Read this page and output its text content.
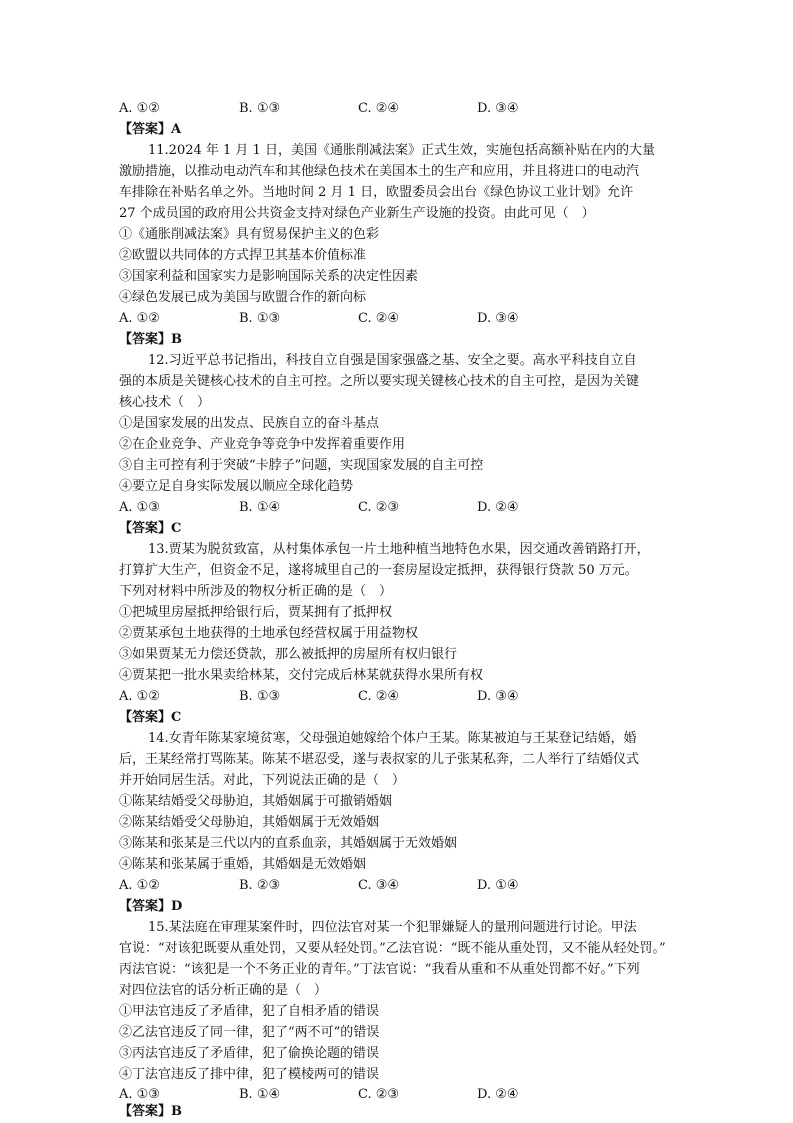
A. ①②	B. ①③	C. ②④	D. ③④
【答案】A
11.2024 年 1 月 1 日，美国《通胀削减法案》正式生效，实施包括高额补贴在内的大量
激励措施，以推动电动汽车和其他绿色技术在美国本土的生产和应用，并且将进口的电动汽
车排除在补贴名单之外。当地时间 2 月 1 日，欧盟委员会出台《绿色协议工业计划》允许
27 个成员国的政府用公共资金支持对绿色产业新生产设施的投资。由此可见（　）
①《通胀削减法案》具有贸易保护主义的色彩
②欧盟以共同体的方式捍卫其基本价值标准
③国家利益和国家实力是影响国际关系的决定性因素
④绿色发展已成为美国与欧盟合作的新向标
A. ①②	B. ①③	C. ②④	D. ③④
【答案】B
12.习近平总书记指出，科技自立自强是国家强盛之基、安全之要。高水平科技自立自
强的本质是关键核心技术的自主可控。之所以要实现关键核心技术的自主可控，是因为关键
核心技术（　）
①是国家发展的出发点、民族自立的奋斗基点
②在企业竞争、产业竞争等竞争中发挥着重要作用
③自主可控有利于突破“卡脖子”问题，实现国家发展的自主可控
④要立足自身实际发展以顺应全球化趋势
A. ①③	B. ①④	C. ②③	D. ②④
【答案】C
13.贾某为脱贫致富，从村集体承包一片土地种植当地特色水果，因交通改善销路打开，
打算扩大生产，但资金不足，遂将城里自己的一套房屋设定抵押，获得银行贷款 50 万元。
下列对材料中所涉及的物权分析正确的是（　）
①把城里房屋抵押给银行后，贾某拥有了抵押权
②贾某承包土地获得的土地承包经营权属于用益物权
③如果贾某无力偿还贷款，那么被抵押的房屋所有权归银行
④贾某把一批水果卖给林某，交付完成后林某就获得水果所有权
A. ①②	B. ①③	C. ②④	D. ③④
【答案】C
14.女青年陈某家境贫寒，父母强迫她嫁给个体户王某。陈某被迫与王某登记结婚，婚
后，王某经常打骂陈某。陈某不堪忍受，遂与表叔家的儿子张某私奔，二人举行了结婚仪式
并开始同居生活。对此，下列说法正确的是（　）
①陈某结婚受父母胁迫，其婚姻属于可撤销婚姻
②陈某结婚受父母胁迫，其婚姻属于无效婚姻
③陈某和张某是三代以内的直系血亲，其婚姻属于无效婚姻
④陈某和张某属于重婚，其婚姻是无效婚姻
A. ①②	B. ②③	C. ③④	D. ①④
【答案】D
15.某法庭在审理某案件时，四位法官对某一个犯罪嫌疑人的量刑问题进行讨论。甲法
官说：“对该犯既要从重处罚，又要从轻处罚。”乙法官说：“既不能从重处罚，又不能从轻处罚。”
丙法官说：“该犯是一个不务正业的青年。”丁法官说：“我看从重和不从重处罚都不好。”下列
对四位法官的话分析正确的是（　）
①甲法官违反了矛盾律，犯了自相矛盾的错误
②乙法官违反了同一律，犯了“两不可”的错误
③丙法官违反了矛盾律，犯了偷换论题的错误
④丁法官违反了排中律，犯了模棱两可的错误
A. ①③	B. ①④	C. ②③	D. ②④
【答案】B
